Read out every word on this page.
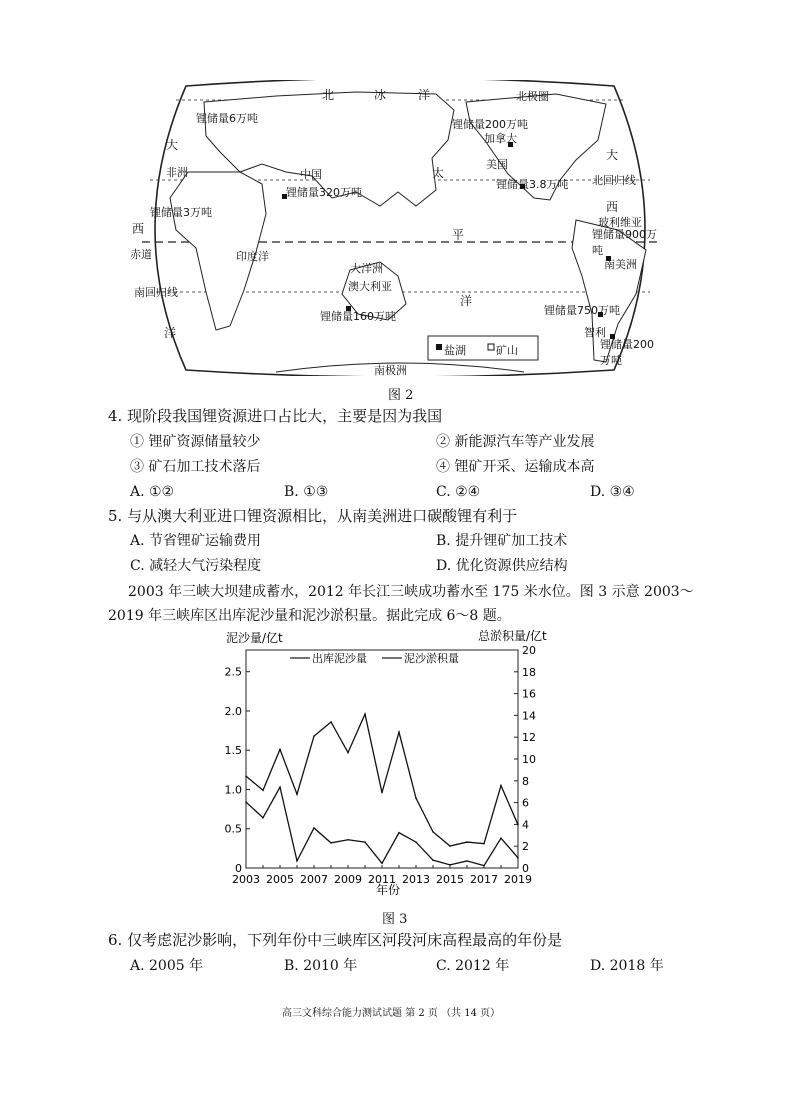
北	冰	洋	北极圈
锂储量6万吨
大
锂储量200万吨
加拿大
大
美国
非洲	中国	太
锂储量320万吨
锂储量3.8万吨 北回归线
锂储量3万吨	西
西	玻利维亚
锂储量900万吨
平
赤道	印度洋
大洋洲	南美洲
澳大利亚
南回归线
洋
锂储量750万吨
锂储量160万吨
洋	智利
锂储量200万吨
盐湖	矿山
南极洲
图 2
4. 现阶段我国锂资源进口占比大，主要是因为我国
① 锂矿资源储量较少	② 新能源汽车等产业发展
③ 矿石加工技术落后	④ 锂矿开采、运输成本高
A. ①②	B. ①③	C. ②④	D. ③④
5. 与从澳大利亚进口锂资源相比，从南美洲进口碳酸锂有利于
A. 节省锂矿运输费用	B. 提升锂矿加工技术
C. 减轻大气污染程度	D. 优化资源供应结构
2003 年三峡大坝建成蓄水，2012 年长江三峡成功蓄水至 175 米水位。图 3 示意 2003～
2019 年三峡库区出库泥沙量和泥沙淤积量。据此完成 6～8 题。
泥沙量/亿t	总淤积量/亿t
0
0.5
1.0
1.5
2.0
2.5
0
2
4
6
8
10
12
14
16
18
20
2003 2005 2007 2009 2011 2013 2015 2017 2019
出库泥沙量	泥沙淤积量
年份
图 3
6. 仅考虑泥沙影响，下列年份中三峡库区河段河床高程最高的年份是
A. 2005 年	B. 2010 年	C. 2012 年	D. 2018 年
高三文科综合能力测试试题 第 2 页 （共 14 页）
